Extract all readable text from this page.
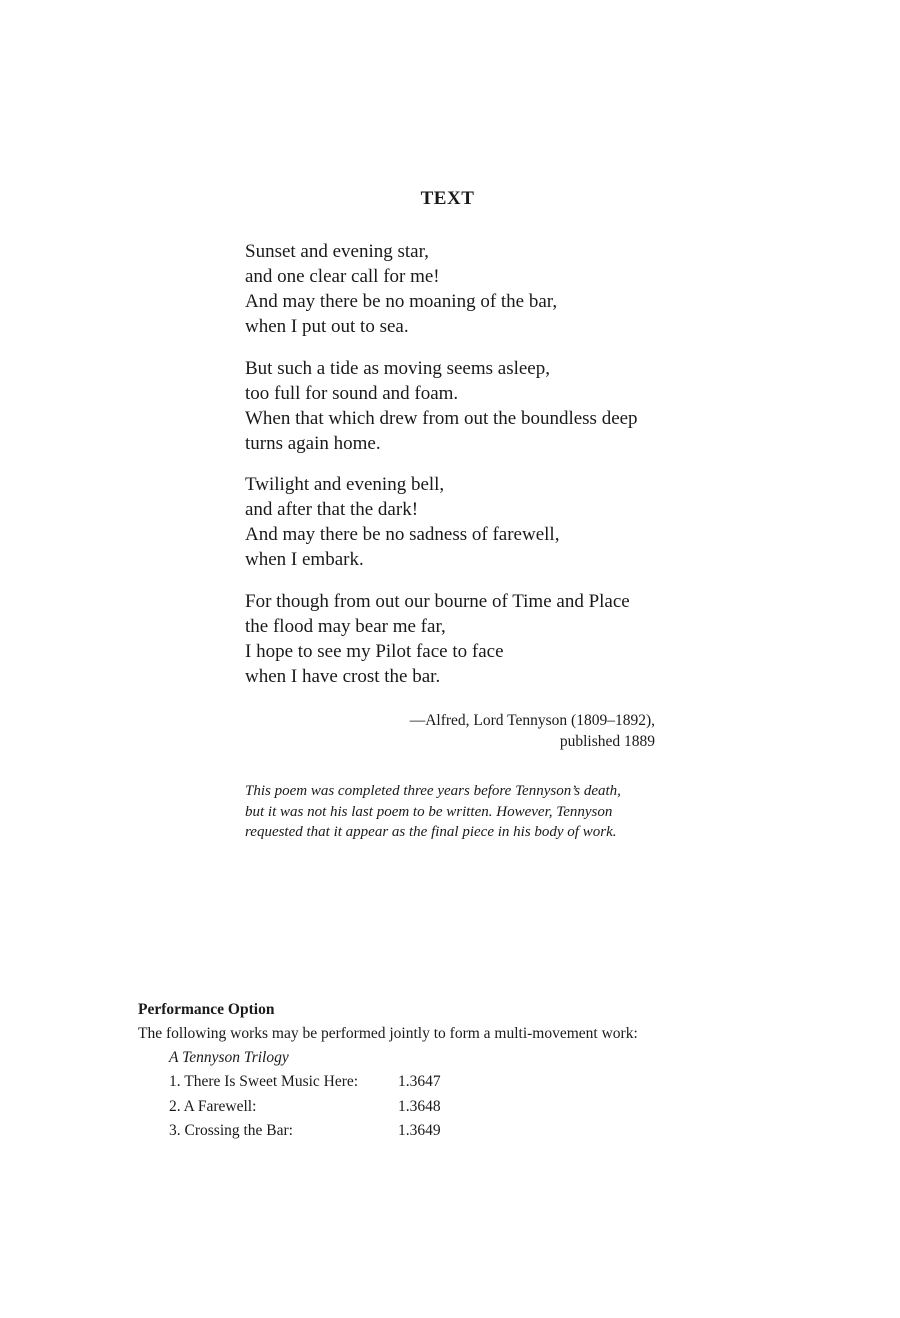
TEXT
Sunset and evening star,
and one clear call for me!
And may there be no moaning of the bar,
when I put out to sea.
But such a tide as moving seems asleep,
too full for sound and foam.
When that which drew from out the boundless deep
turns again home.
Twilight and evening bell,
and after that the dark!
And may there be no sadness of farewell,
when I embark.
For though from out our bourne of Time and Place
the flood may bear me far,
I hope to see my Pilot face to face
when I have crost the bar.
—Alfred, Lord Tennyson (1809–1892),
published 1889
This poem was completed three years before Tennyson’s death,
but it was not his last poem to be written. However, Tennyson
requested that it appear as the final piece in his body of work.
Performance Option
The following works may be performed jointly to form a multi-movement work:
A Tennyson Trilogy
1. There Is Sweet Music Here:	1.3647
2. A Farewell:	1.3648
3. Crossing the Bar:	1.3649
